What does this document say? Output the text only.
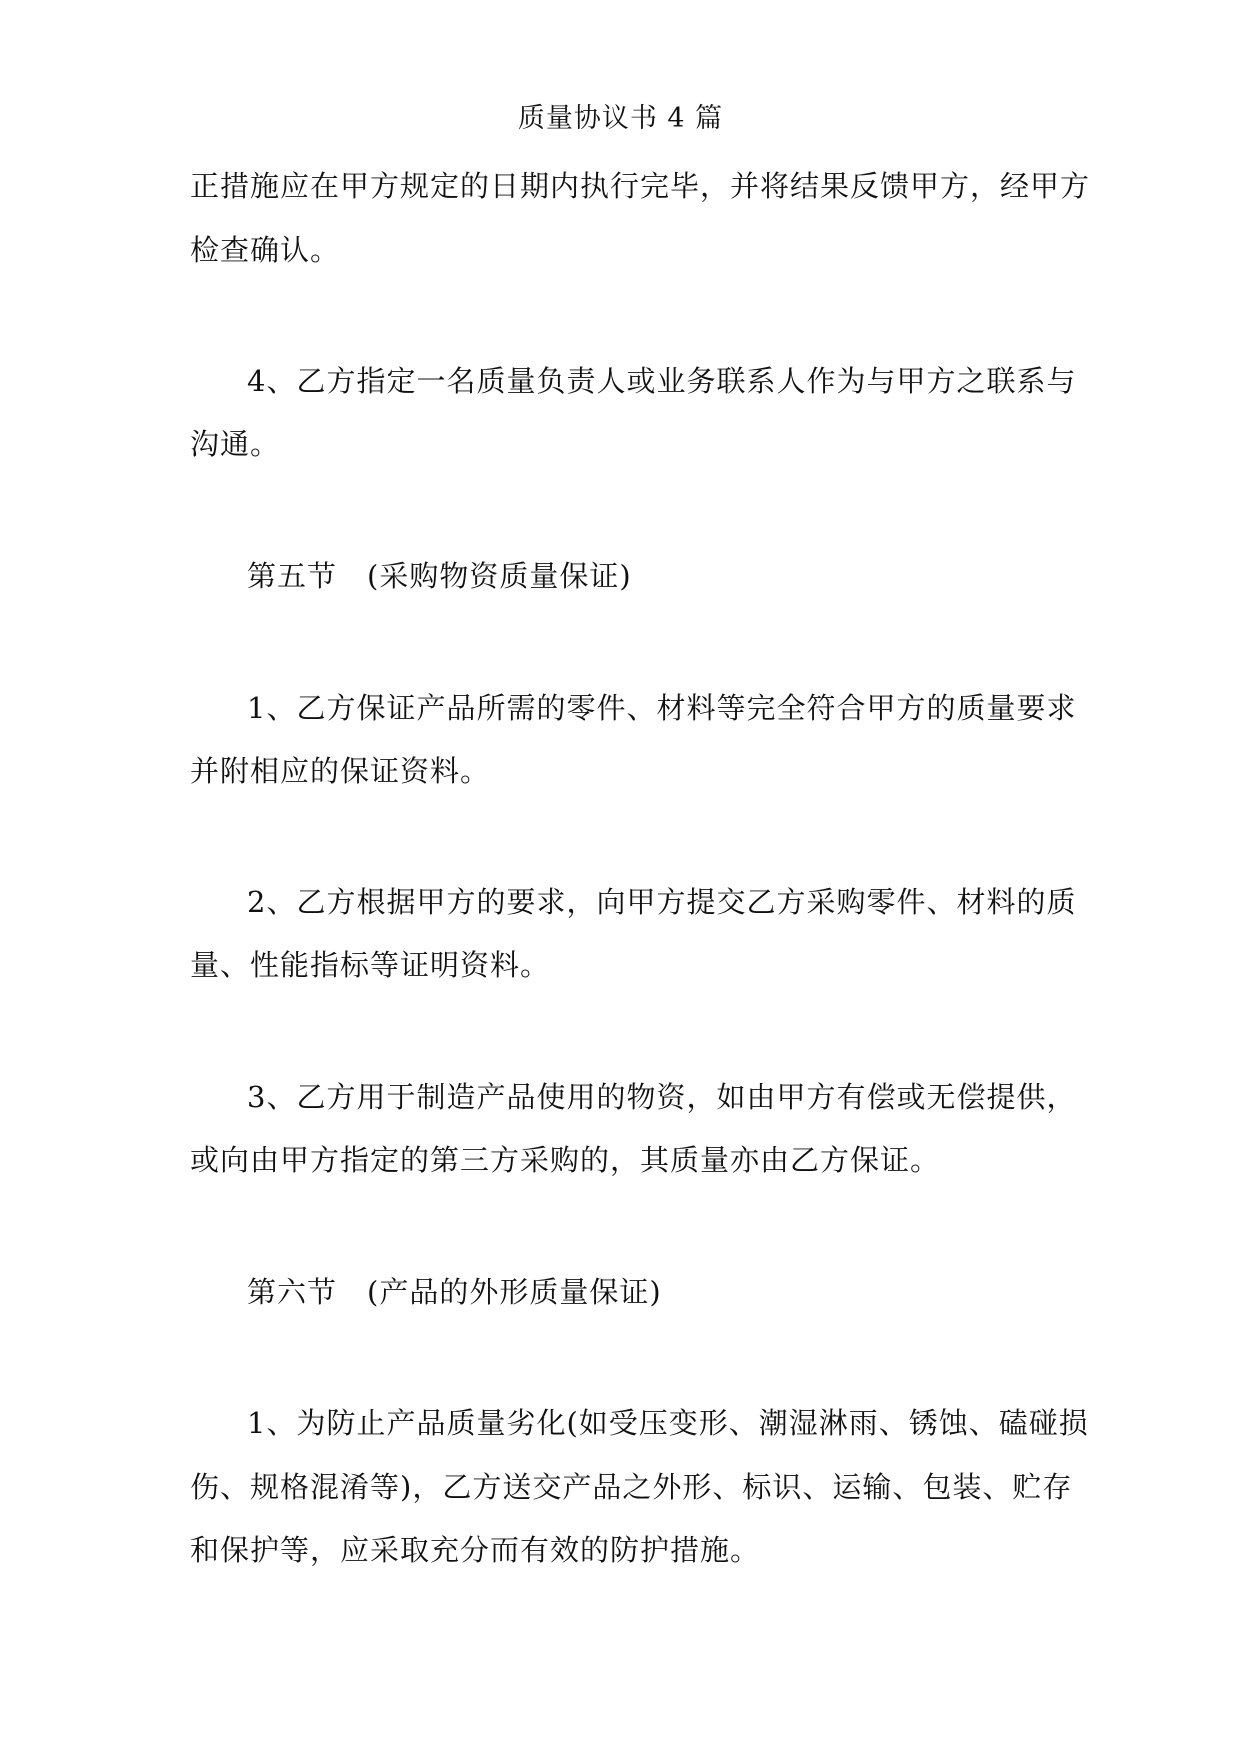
质量协议书 4 篇
正措施应在甲方规定的日期内执行完毕，并将结果反馈甲方，经甲方
检查确认。
4、乙方指定一名质量负责人或业务联系人作为与甲方之联系与
沟通。
第五节　(采购物资质量保证)
1、乙方保证产品所需的零件、材料等完全符合甲方的质量要求
并附相应的保证资料。
2、乙方根据甲方的要求，向甲方提交乙方采购零件、材料的质
量、性能指标等证明资料。
3、乙方用于制造产品使用的物资，如由甲方有偿或无偿提供，
或向由甲方指定的第三方采购的，其质量亦由乙方保证。
第六节　(产品的外形质量保证)
1、为防止产品质量劣化(如受压变形、潮湿淋雨、锈蚀、磕碰损
伤、规格混淆等)，乙方送交产品之外形、标识、运输、包装、贮存
和保护等，应采取充分而有效的防护措施。
